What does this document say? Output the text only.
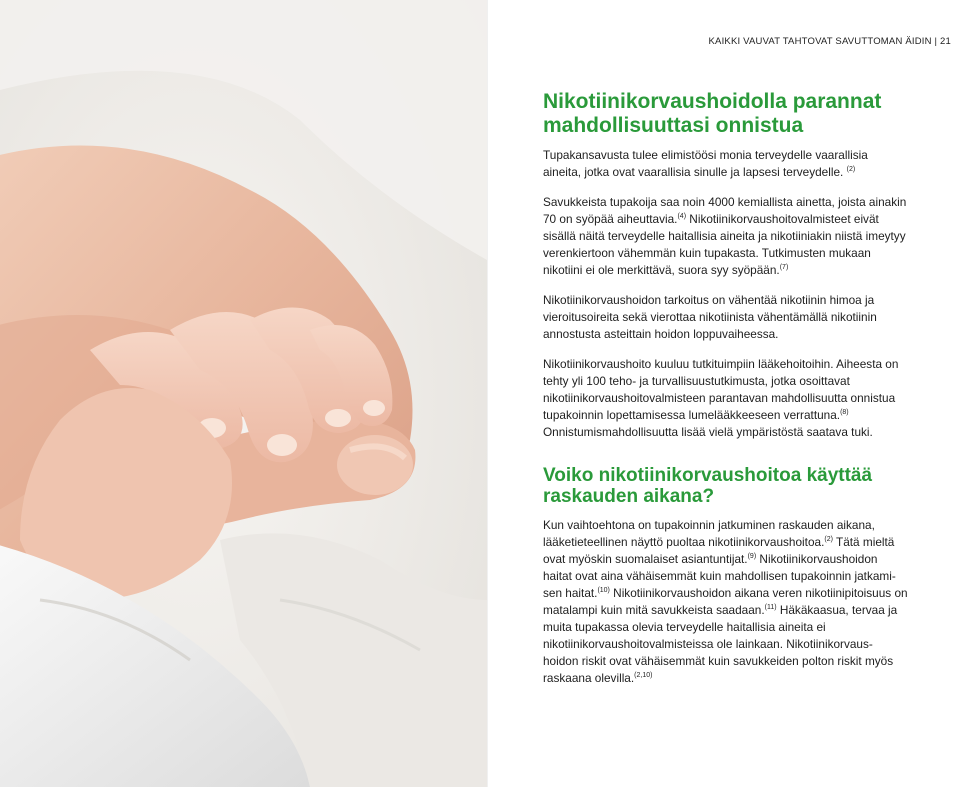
KAIKKI VAUVAT TAHTOVAT SAVUTTOMAN ÄIDIN | 21
Nikotiinikorvaushoidolla parannat
mahdollisuuttasi onnistua

Tupakansavusta tulee elimistöösi monia terveydelle vaarallisia aineita, jotka ovat vaarallisia sinulle ja lapsesi terveydelle. $^{(2)}$

Savukkeista tupakoija saa noin 4000 kemiallista ainetta, joista ainakin 70 on syöpää aiheuttavia.$^{(4)}$ Nikotiinikorvaushoitovalmisteet eivät sisällä näitä terveydelle haitallisia aineita ja nikotiiniakin niistä imeytyy verenkiertoon vähemmän kuin tupakasta. Tutkimusten mukaan nikotiini ei ole merkittävä, suora syy syöpään.$^{(7)}$

Nikotiinikorvaushoidon tarkoitus on vähentää nikotiinin himoa ja vieroitusoireita sekä vierottaa nikotiinista vähentämällä nikotiinin annostusta asteittain hoidon loppuvaiheessa.

Nikotiinikorvaushoito kuuluu tutkituimpiin lääkehoitoihin. Aiheesta on tehty yli 100 teho- ja turvallisuustutkimusta, jotka osoittavat nikotiinikorvaushoitovalmisteen parantavan mahdollisuutta onnistua tupakoinnin lopettamisessa lumelääkkeeseen verrattuna.$^{(8)}$ Onnistumismahdollisuutta lisää vielä ympäristöstä saatava tuki.

Voiko nikotiinikorvaushoitoa käyttää
raskauden aikana?

Kun vaihtoehtona on tupakoinnin jatkuminen raskauden aikana, lääketieteellinen näyttö puoltaa nikotiinikorvaushoitoa.$^{(2)}$ Tätä mieltä ovat myöskin suomalaiset asiantuntijat.$^{(9)}$ Nikotiinikorvaushoidon haitat ovat aina vähäisemmät kuin mahdollisen tupakoinnin jatkami-sen haitat.$^{(10)}$ Nikotiinikorvaushoidon aikana veren nikotiinipitoisuus on matalampi kuin mitä savukkeista saadaan.$^{(11)}$ Häkäkaasua, tervaa ja muita tupakassa olevia terveydelle haitallisia aineita ei nikotiinikorvaushoitovalmisteissa ole lainkaan. Nikotiinikorvaus-hoidon riskit ovat vähäisemmät kuin savukkeiden polton riskit myös raskaana olevilla.$^{(2,10)}$
